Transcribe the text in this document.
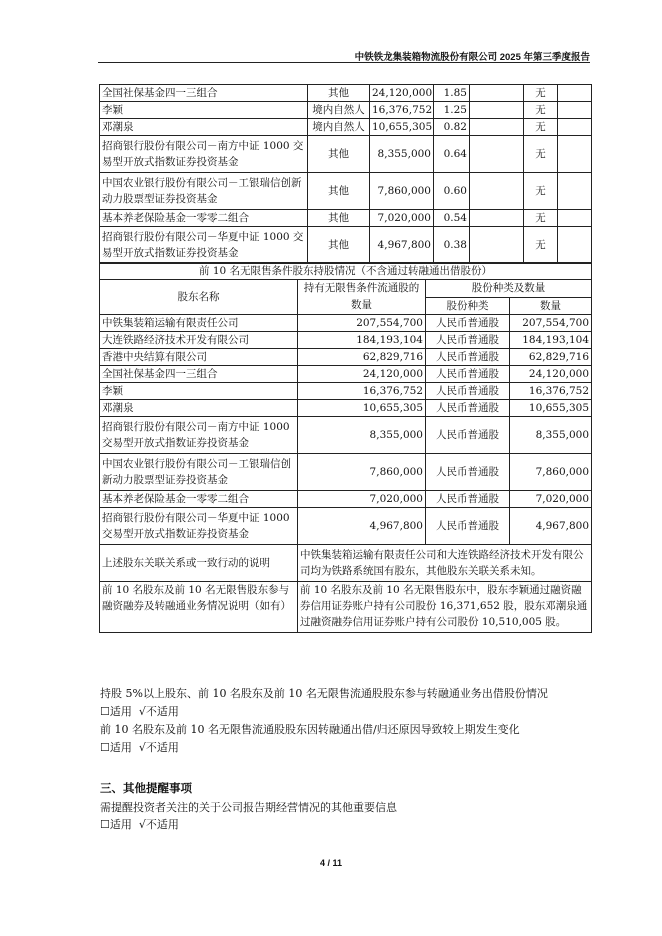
中铁铁龙集装箱物流股份有限公司 2025 年第三季度报告
全国社保基金四一三组合	其他	24,120,000	1.85		无	
李颖	境内自然人	16,376,752	1.25		无	
邓潮泉	境内自然人	10,655,305	0.82		无	
招商银行股份有限公司－南方中证 1000 交易型开放式指数证券投资基金	其他	8,355,000	0.64		无	
中国农业银行股份有限公司－工银瑞信创新动力股票型证券投资基金	其他	7,860,000	0.60		无	
基本养老保险基金一零零二组合	其他	7,020,000	0.54		无	
招商银行股份有限公司－华夏中证 1000 交易型开放式指数证券投资基金	其他	4,967,800	0.38		无	
前 10 名无限售条件股东持股情况（不含通过转融通出借股份）			
股东名称	持有无限售条件流通股的数量	股份种类及数量	
		股份种类	数量
中铁集装箱运输有限责任公司	207,554,700	人民币普通股	207,554,700
大连铁路经济技术开发有限公司	184,193,104	人民币普通股	184,193,104
香港中央结算有限公司	62,829,716	人民币普通股	62,829,716
全国社保基金四一三组合	24,120,000	人民币普通股	24,120,000
李颖	16,376,752	人民币普通股	16,376,752
邓潮泉	10,655,305	人民币普通股	10,655,305
招商银行股份有限公司－南方中证 1000 交易型开放式指数证券投资基金	8,355,000	人民币普通股	8,355,000
中国农业银行股份有限公司－工银瑞信创新动力股票型证券投资基金	7,860,000	人民币普通股	7,860,000
基本养老保险基金一零零二组合	7,020,000	人民币普通股	7,020,000
招商银行股份有限公司－华夏中证 1000 交易型开放式指数证券投资基金	4,967,800	人民币普通股	4,967,800
上述股东关联关系或一致行动的说明	中铁集装箱运输有限责任公司和大连铁路经济技术开发有限公司均为铁路系统国有股东，其他股东关联关系未知。		
前 10 名股东及前 10 名无限售股东参与融资融券及转融通业务情况说明（如有）	前 10 名股东及前 10 名无限售股东中，股东李颖通过融资融券信用证券账户持有公司股份 16,371,652 股，股东邓潮泉通过融资融券信用证券账户持有公司股份 10,510,005 股。		
持股 5%以上股东、前 10 名股东及前 10 名无限售流通股股东参与转融通业务出借股份情况
☐适用 √不适用
前 10 名股东及前 10 名无限售流通股股东因转融通出借/归还原因导致较上期发生变化
☐适用 √不适用
三、其他提醒事项
需提醒投资者关注的关于公司报告期经营情况的其他重要信息
☐适用 √不适用
4 / 11
